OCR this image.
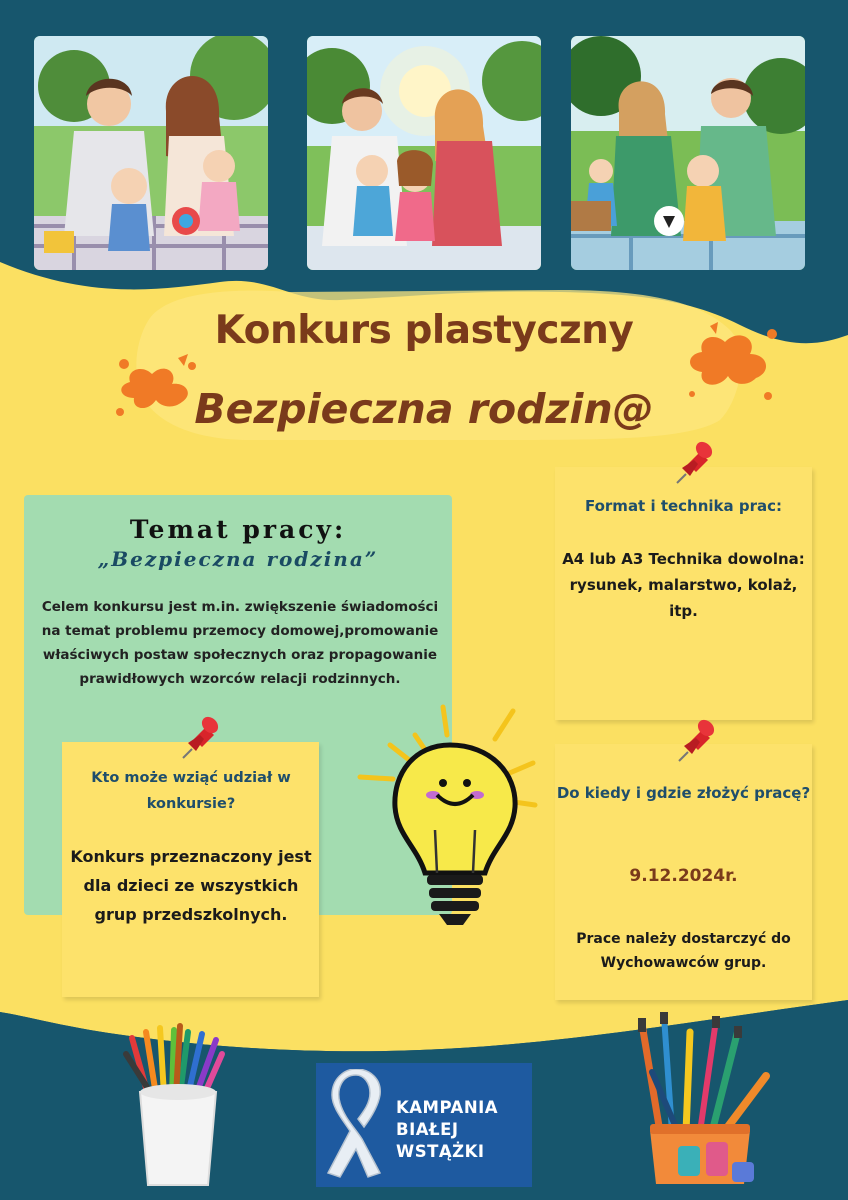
Konkurs plastyczny
Bezpieczna rodzin@
Temat pracy:
„Bezpieczna rodzina”
Celem konkursu jest m.in. zwiększenie świadomości na temat problemu przemocy domowej,promowanie właściwych postaw społecznych oraz propagowanie prawidłowych wzorców relacji rodzinnych.
Kto może wziąć udział w konkursie?
Konkurs przeznaczony jest dla dzieci ze wszystkich grup przedszkolnych.
Format i technika prac:
A4 lub A3 Technika dowolna: rysunek, malarstwo, kolaż, itp.
Do kiedy i gdzie złożyć pracę?
9.12.2024r.
Prace należy dostarczyć do Wychowawców grup.
KAMPANIA
BIAŁEJ
WSTĄŻKI
